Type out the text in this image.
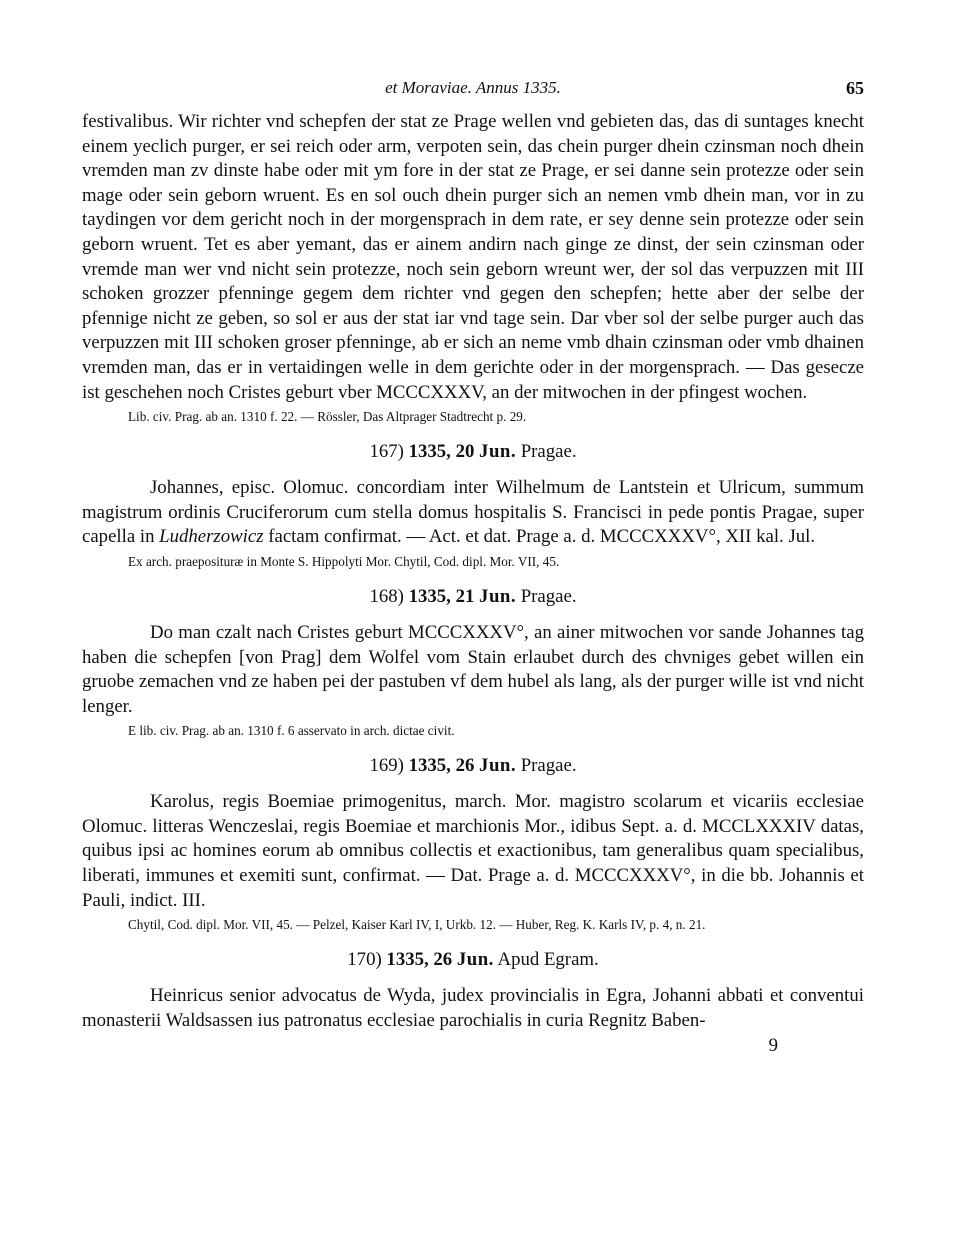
et Moraviae. Annus 1335.	65

festivalibus. Wir richter vnd schepfen der stat ze Prage wellen vnd gebieten das, das di suntages knecht einem yeclich purger, er sei reich oder arm, verpoten sein, das chein purger dhein czinsman noch dhein vremden man zv dinste habe oder mit ym fore in der stat ze Prage, er sei danne sein protezze oder sein mage oder sein geborn wruent. Es en sol ouch dhein purger sich an nemen vmb dhein man, vor in zu taydingen vor dem gericht noch in der morgensprach in dem rate, er sey denne sein protezze oder sein geborn wruent. Tet es aber yemant, das er ainem andirn nach ginge ze dinst, der sein czinsman oder vremde man wer vnd nicht sein protezze, noch sein geborn wreunt wer, der sol das verpuzzen mit III schoken grozzer pfenninge gegem dem richter vnd gegen den schepfen; hette aber der selbe der pfennige nicht ze geben, so sol er aus der stat iar vnd tage sein. Dar vber sol der selbe purger auch das verpuzzen mit III schoken groser pfenninge, ab er sich an neme vmb dhain czinsman oder vmb dhainen vremden man, das er in vertaidingen welle in dem gerichte oder in der morgensprach. — Das gesecze ist geschehen noch Cristes geburt vber MCCCXXXV, an der mitwochen in der pfingest wochen.

Lib. civ. Prag. ab an. 1310 f. 22. — Rössler, Das Altprager Stadtrecht p. 29.

167) 1335, 20 Jun. Pragae.

Johannes, episc. Olomuc. concordiam inter Wilhelmum de Lantstein et Ulricum, summum magistrum ordinis Cruciferorum cum stella domus hospitalis S. Francisci in pede pontis Pragae, super capella in Ludherzowicz factam confirmat. — Act. et dat. Prage a. d. MCCCXXXV°, XII kal. Jul.

Ex arch. praeposituræ in Monte S. Hippolyti Mor. Chytil, Cod. dipl. Mor. VII, 45.

168) 1335, 21 Jun. Pragae.

Do man czalt nach Cristes geburt MCCCXXXV°, an ainer mitwochen vor sande Johannes tag haben die schepfen [von Prag] dem Wolfel vom Stain erlaubet durch des chvniges gebet willen ein gruobe zemachen vnd ze haben pei der pastuben vf dem hubel als lang, als der purger wille ist vnd nicht lenger.

E lib. civ. Prag. ab an. 1310 f. 6 asservato in arch. dictae civit.

169) 1335, 26 Jun. Pragae.

Karolus, regis Boemiae primogenitus, march. Mor. magistro scolarum et vicariis ecclesiae Olomuc. litteras Wenczeslai, regis Boemiae et marchionis Mor., idibus Sept. a. d. MCCLXXXIV datas, quibus ipsi ac homines eorum ab omnibus collectis et exactionibus, tam generalibus quam specialibus, liberati, immunes et exemiti sunt, confirmat. — Dat. Prage a. d. MCCCXXXV°, in die bb. Johannis et Pauli, indict. III.

Chytil, Cod. dipl. Mor. VII, 45. — Pelzel, Kaiser Karl IV, I, Urkb. 12. — Huber, Reg. K. Karls IV, p. 4, n. 21.

170) 1335, 26 Jun. Apud Egram.

Heinricus senior advocatus de Wyda, judex provincialis in Egra, Johanni abbati et conventui monasterii Waldsassen ius patronatus ecclesiae parochialis in curia Regnitz Baben-

9
